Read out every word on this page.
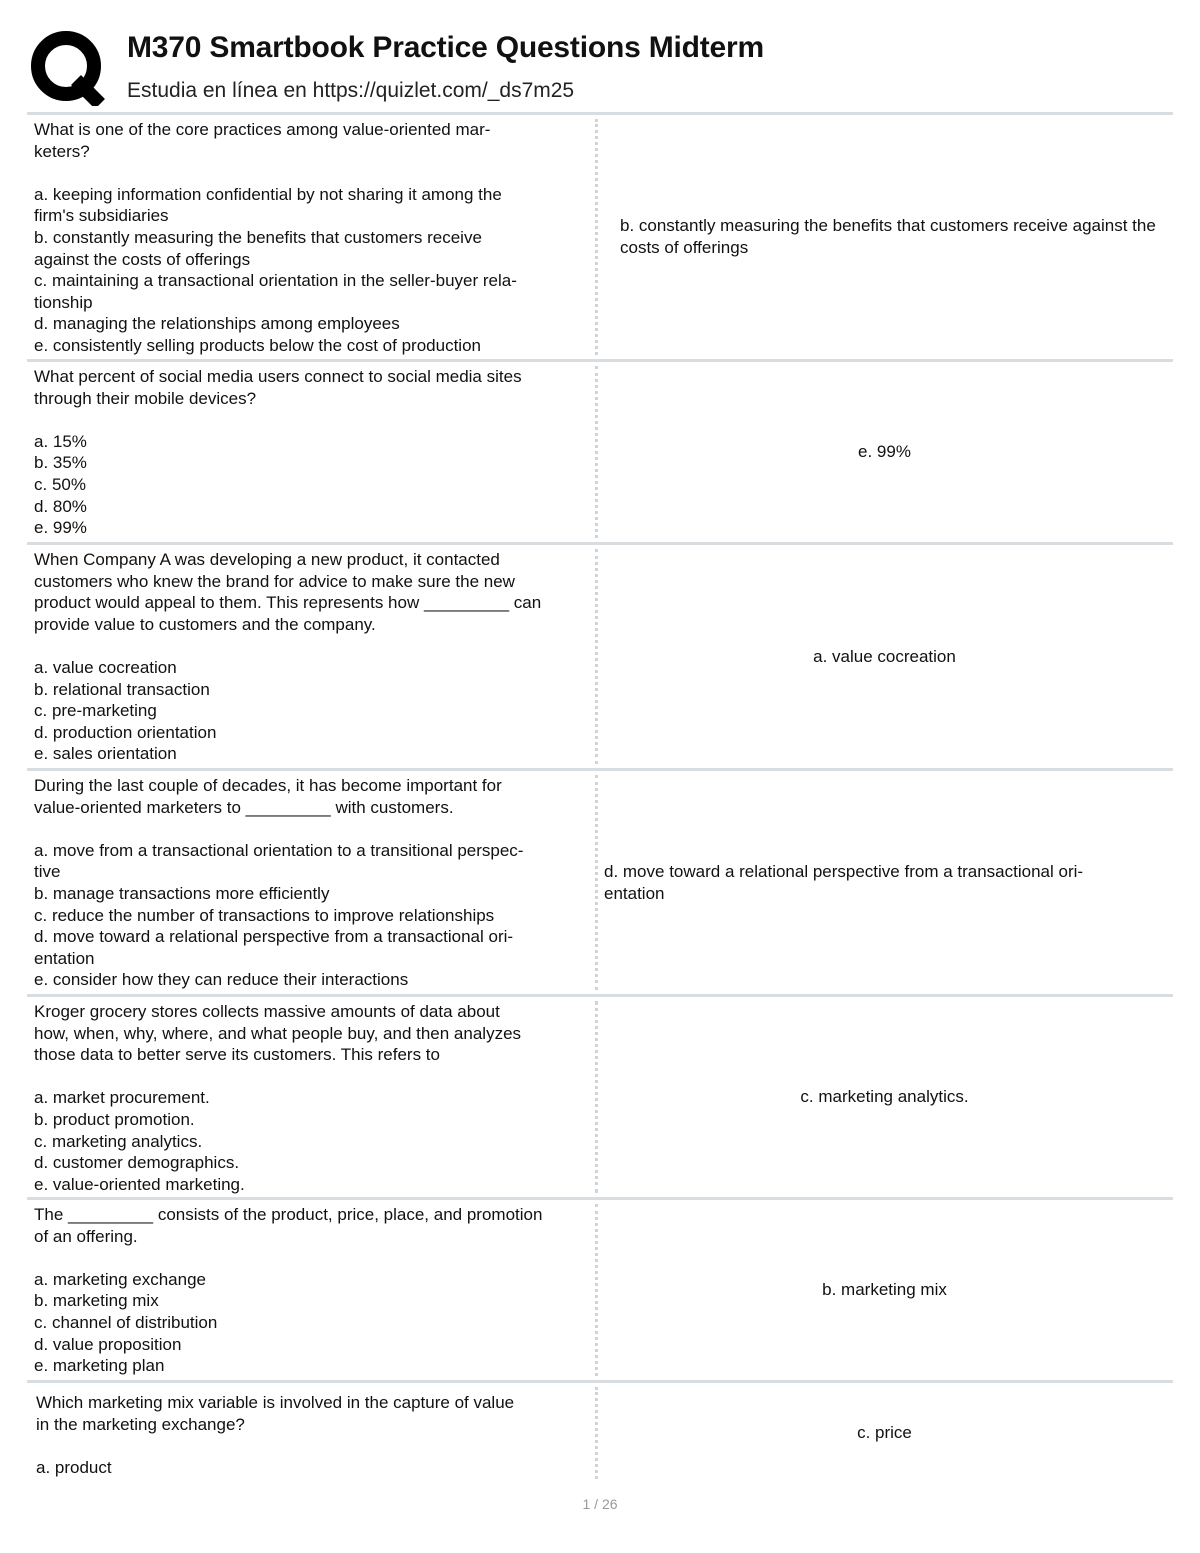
M370 Smartbook Practice Questions Midterm
Estudia en línea en https://quizlet.com/_ds7m25
What is one of the core practices among value-oriented mar-
keters?
a. keeping information confidential by not sharing it among the
firm's subsidiaries
b. constantly measuring the benefits that customers receive
against the costs of offerings
c. maintaining a transactional orientation in the seller-buyer rela-
tionship
d. managing the relationships among employees
e. consistently selling products below the cost of production
b. constantly measuring the benefits that customers receive against the costs of offerings
What percent of social media users connect to social media sites
through their mobile devices?
a. 15%
b. 35%
c. 50%
d. 80%
e. 99%
e. 99%
When Company A was developing a new product, it contacted
customers who knew the brand for advice to make sure the new
product would appeal to them. This represents how _________ can
provide value to customers and the company.
a. value cocreation
b. relational transaction
c. pre-marketing
d. production orientation
e. sales orientation
a. value cocreation
During the last couple of decades, it has become important for
value-oriented marketers to _________ with customers.
a. move from a transactional orientation to a transitional perspec-
tive
b. manage transactions more efficiently
c. reduce the number of transactions to improve relationships
d. move toward a relational perspective from a transactional ori-
entation
e. consider how they can reduce their interactions
d. move toward a relational perspective from a transactional ori-
entation
Kroger grocery stores collects massive amounts of data about
how, when, why, where, and what people buy, and then analyzes
those data to better serve its customers. This refers to
a. market procurement.
b. product promotion.
c. marketing analytics.
d. customer demographics.
e. value-oriented marketing.
c. marketing analytics.
The _________ consists of the product, price, place, and promotion
of an offering.
a. marketing exchange
b. marketing mix
c. channel of distribution
d. value proposition
e. marketing plan
b. marketing mix
Which marketing mix variable is involved in the capture of value
in the marketing exchange?
a. product
c. price
1 / 26
